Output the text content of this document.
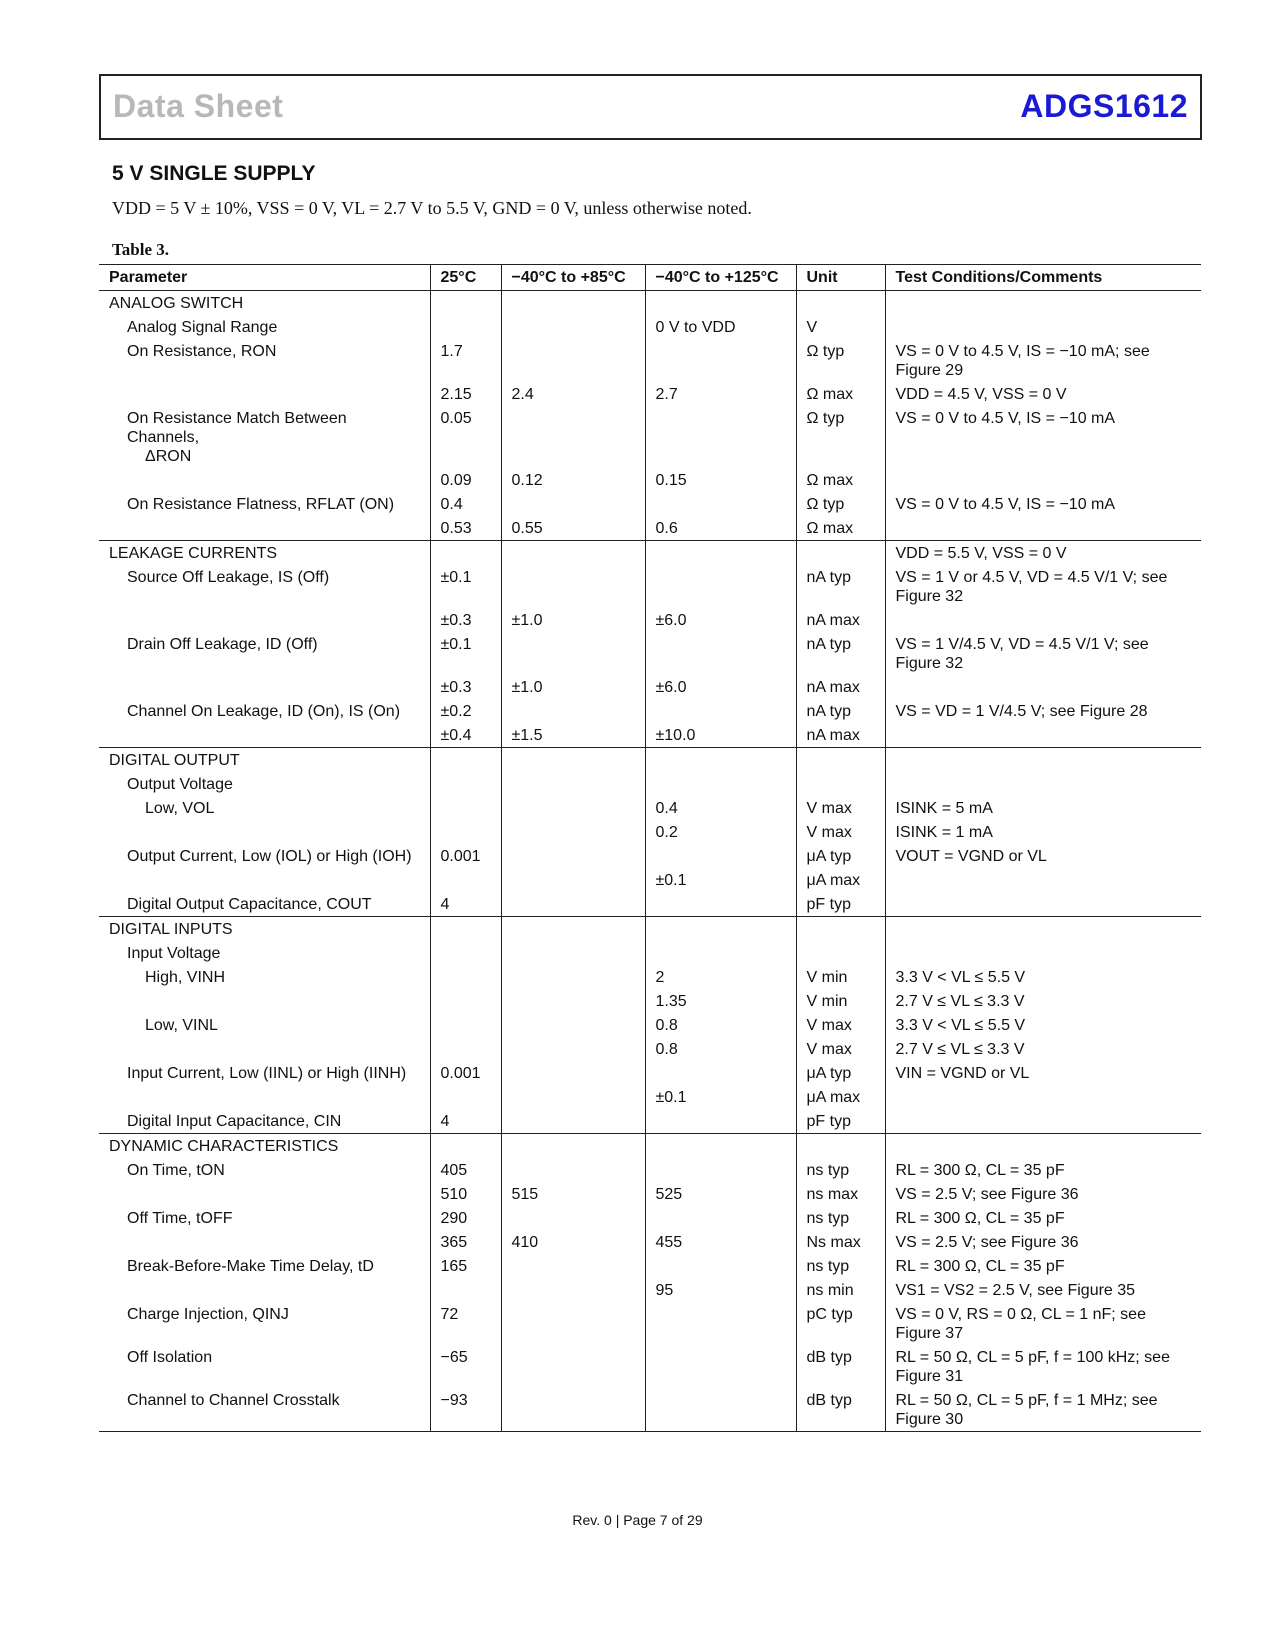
Data Sheet	ADGS1612
5 V SINGLE SUPPLY
VDD = 5 V ± 10%, VSS = 0 V, VL = 2.7 V to 5.5 V, GND = 0 V, unless otherwise noted.
Table 3.
Parameter	25°C	−40°C to +85°C	−40°C to +125°C	Unit	Test Conditions/Comments
ANALOG SWITCH					
Analog Signal Range			0 V to VDD	V	
On Resistance, RON	1.7			Ω typ	VS = 0 V to 4.5 V, IS = −10 mA; see Figure 29
	2.15	2.4	2.7	Ω max	VDD = 4.5 V, VSS = 0 V
On Resistance Match Between Channels,
ΔRON	0.05			Ω typ	VS = 0 V to 4.5 V, IS = −10 mA
	0.09	0.12	0.15	Ω max	
On Resistance Flatness, RFLAT (ON)	0.4			Ω typ	VS = 0 V to 4.5 V, IS = −10 mA
	0.53	0.55	0.6	Ω max	
LEAKAGE CURRENTS					VDD = 5.5 V, VSS = 0 V
Source Off Leakage, IS (Off)	±0.1			nA typ	VS = 1 V or 4.5 V, VD = 4.5 V/1 V; see Figure 32
	±0.3	±1.0	±6.0	nA max	
Drain Off Leakage, ID (Off)	±0.1			nA typ	VS = 1 V/4.5 V, VD = 4.5 V/1 V; see Figure 32
	±0.3	±1.0	±6.0	nA max	
Channel On Leakage, ID (On), IS (On)	±0.2			nA typ	VS = VD = 1 V/4.5 V; see Figure 28
	±0.4	±1.5	±10.0	nA max	
DIGITAL OUTPUT					
Output Voltage					
Low, VOL			0.4	V max	ISINK = 5 mA
			0.2	V max	ISINK = 1 mA
Output Current, Low (IOL) or High (IOH)	0.001			μA typ	VOUT = VGND or VL
			±0.1	μA max	
Digital Output Capacitance, COUT	4			pF typ	
DIGITAL INPUTS					
Input Voltage					
High, VINH			2	V min	3.3 V < VL ≤ 5.5 V
			1.35	V min	2.7 V ≤ VL ≤ 3.3 V
Low, VINL			0.8	V max	3.3 V < VL ≤ 5.5 V
			0.8	V max	2.7 V ≤ VL ≤ 3.3 V
Input Current, Low (IINL) or High (IINH)	0.001			μA typ	VIN = VGND or VL
			±0.1	μA max	
Digital Input Capacitance, CIN	4			pF typ	
DYNAMIC CHARACTERISTICS					
On Time, tON	405			ns typ	RL = 300 Ω, CL = 35 pF
	510	515	525	ns max	VS = 2.5 V; see Figure 36
Off Time, tOFF	290			ns typ	RL = 300 Ω, CL = 35 pF
	365	410	455	Ns max	VS = 2.5 V; see Figure 36
Break-Before-Make Time Delay, tD	165			ns typ	RL = 300 Ω, CL = 35 pF
			95	ns min	VS1 = VS2 = 2.5 V, see Figure 35
Charge Injection, QINJ	72			pC typ	VS = 0 V, RS = 0 Ω, CL = 1 nF; see Figure 37
Off Isolation	−65			dB typ	RL = 50 Ω, CL = 5 pF, f = 100 kHz; see Figure 31
Channel to Channel Crosstalk	−93			dB typ	RL = 50 Ω, CL = 5 pF, f = 1 MHz; see Figure 30
Rev. 0 | Page 7 of 29
